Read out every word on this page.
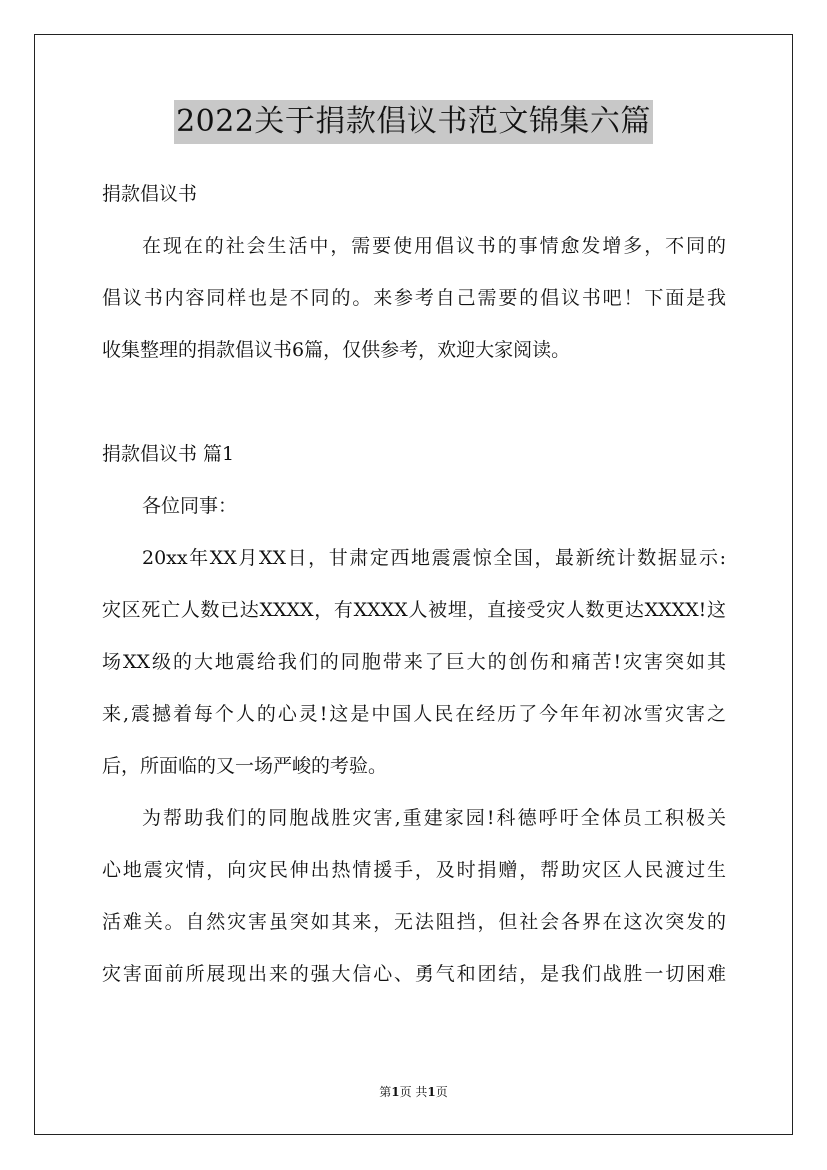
2022关于捐款倡议书范文锦集六篇
捐款倡议书
在现在的社会生活中，需要使用倡议书的事情愈发增多，不同的
倡议书内容同样也是不同的。来参考自己需要的倡议书吧！下面是我
收集整理的捐款倡议书6篇，仅供参考，欢迎大家阅读。
捐款倡议书 篇1
各位同事：
20xx年XX月XX日，甘肃定西地震震惊全国，最新统计数据显示:
灾区死亡人数已达XXXX，有XXXX人被埋，直接受灾人数更达XXXX!这
场XX级的大地震给我们的同胞带来了巨大的创伤和痛苦!灾害突如其
来,震撼着每个人的心灵!这是中国人民在经历了今年年初冰雪灾害之
后，所面临的又一场严峻的考验。
为帮助我们的同胞战胜灾害,重建家园!科德呼吁全体员工积极关
心地震灾情，向灾民伸出热情援手，及时捐赠，帮助灾区人民渡过生
活难关。自然灾害虽突如其来，无法阻挡，但社会各界在这次突发的
灾害面前所展现出来的强大信心、勇气和团结，是我们战胜一切困难
第1页 共1页
